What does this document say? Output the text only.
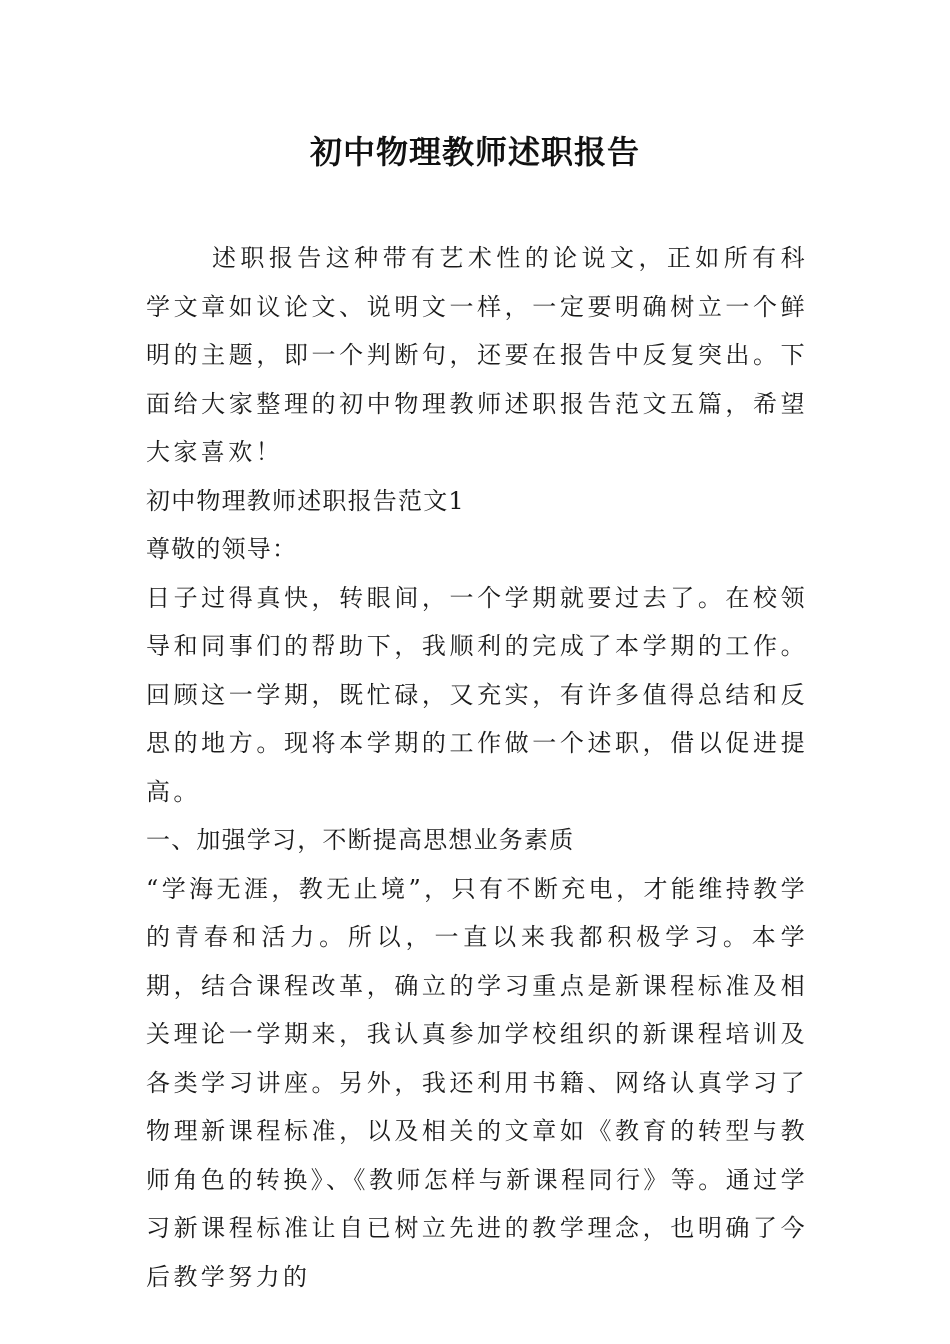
初中物理教师述职报告

述职报告这种带有艺术性的论说文，正如所有科学文章如议论文、说明文一样，一定要明确树立一个鲜明的主题，即一个判断句，还要在报告中反复突出。下面给大家整理的初中物理教师述职报告范文五篇，希望大家喜欢！

初中物理教师述职报告范文1

尊敬的领导：

日子过得真快，转眼间，一个学期就要过去了。在校领导和同事们的帮助下，我顺利的完成了本学期的工作。回顾这一学期，既忙碌，又充实，有许多值得总结和反思的地方。现将本学期的工作做一个述职，借以促进提高。

一、加强学习，不断提高思想业务素质

“学海无涯，教无止境”，只有不断充电，才能维持教学的青春和活力。所以，一直以来我都积极学习。本学期，结合课程改革，确立的学习重点是新课程标准及相关理论一学期来，我认真参加学校组织的新课程培训及各类学习讲座。另外，我还利用书籍、网络认真学习了物理新课程标准，以及相关的文章如《教育的转型与教师角色的转换》、《教师怎样与新课程同行》等。通过学习新课程标准让自已树立先进的教学理念，也明确了今后教学努力的
